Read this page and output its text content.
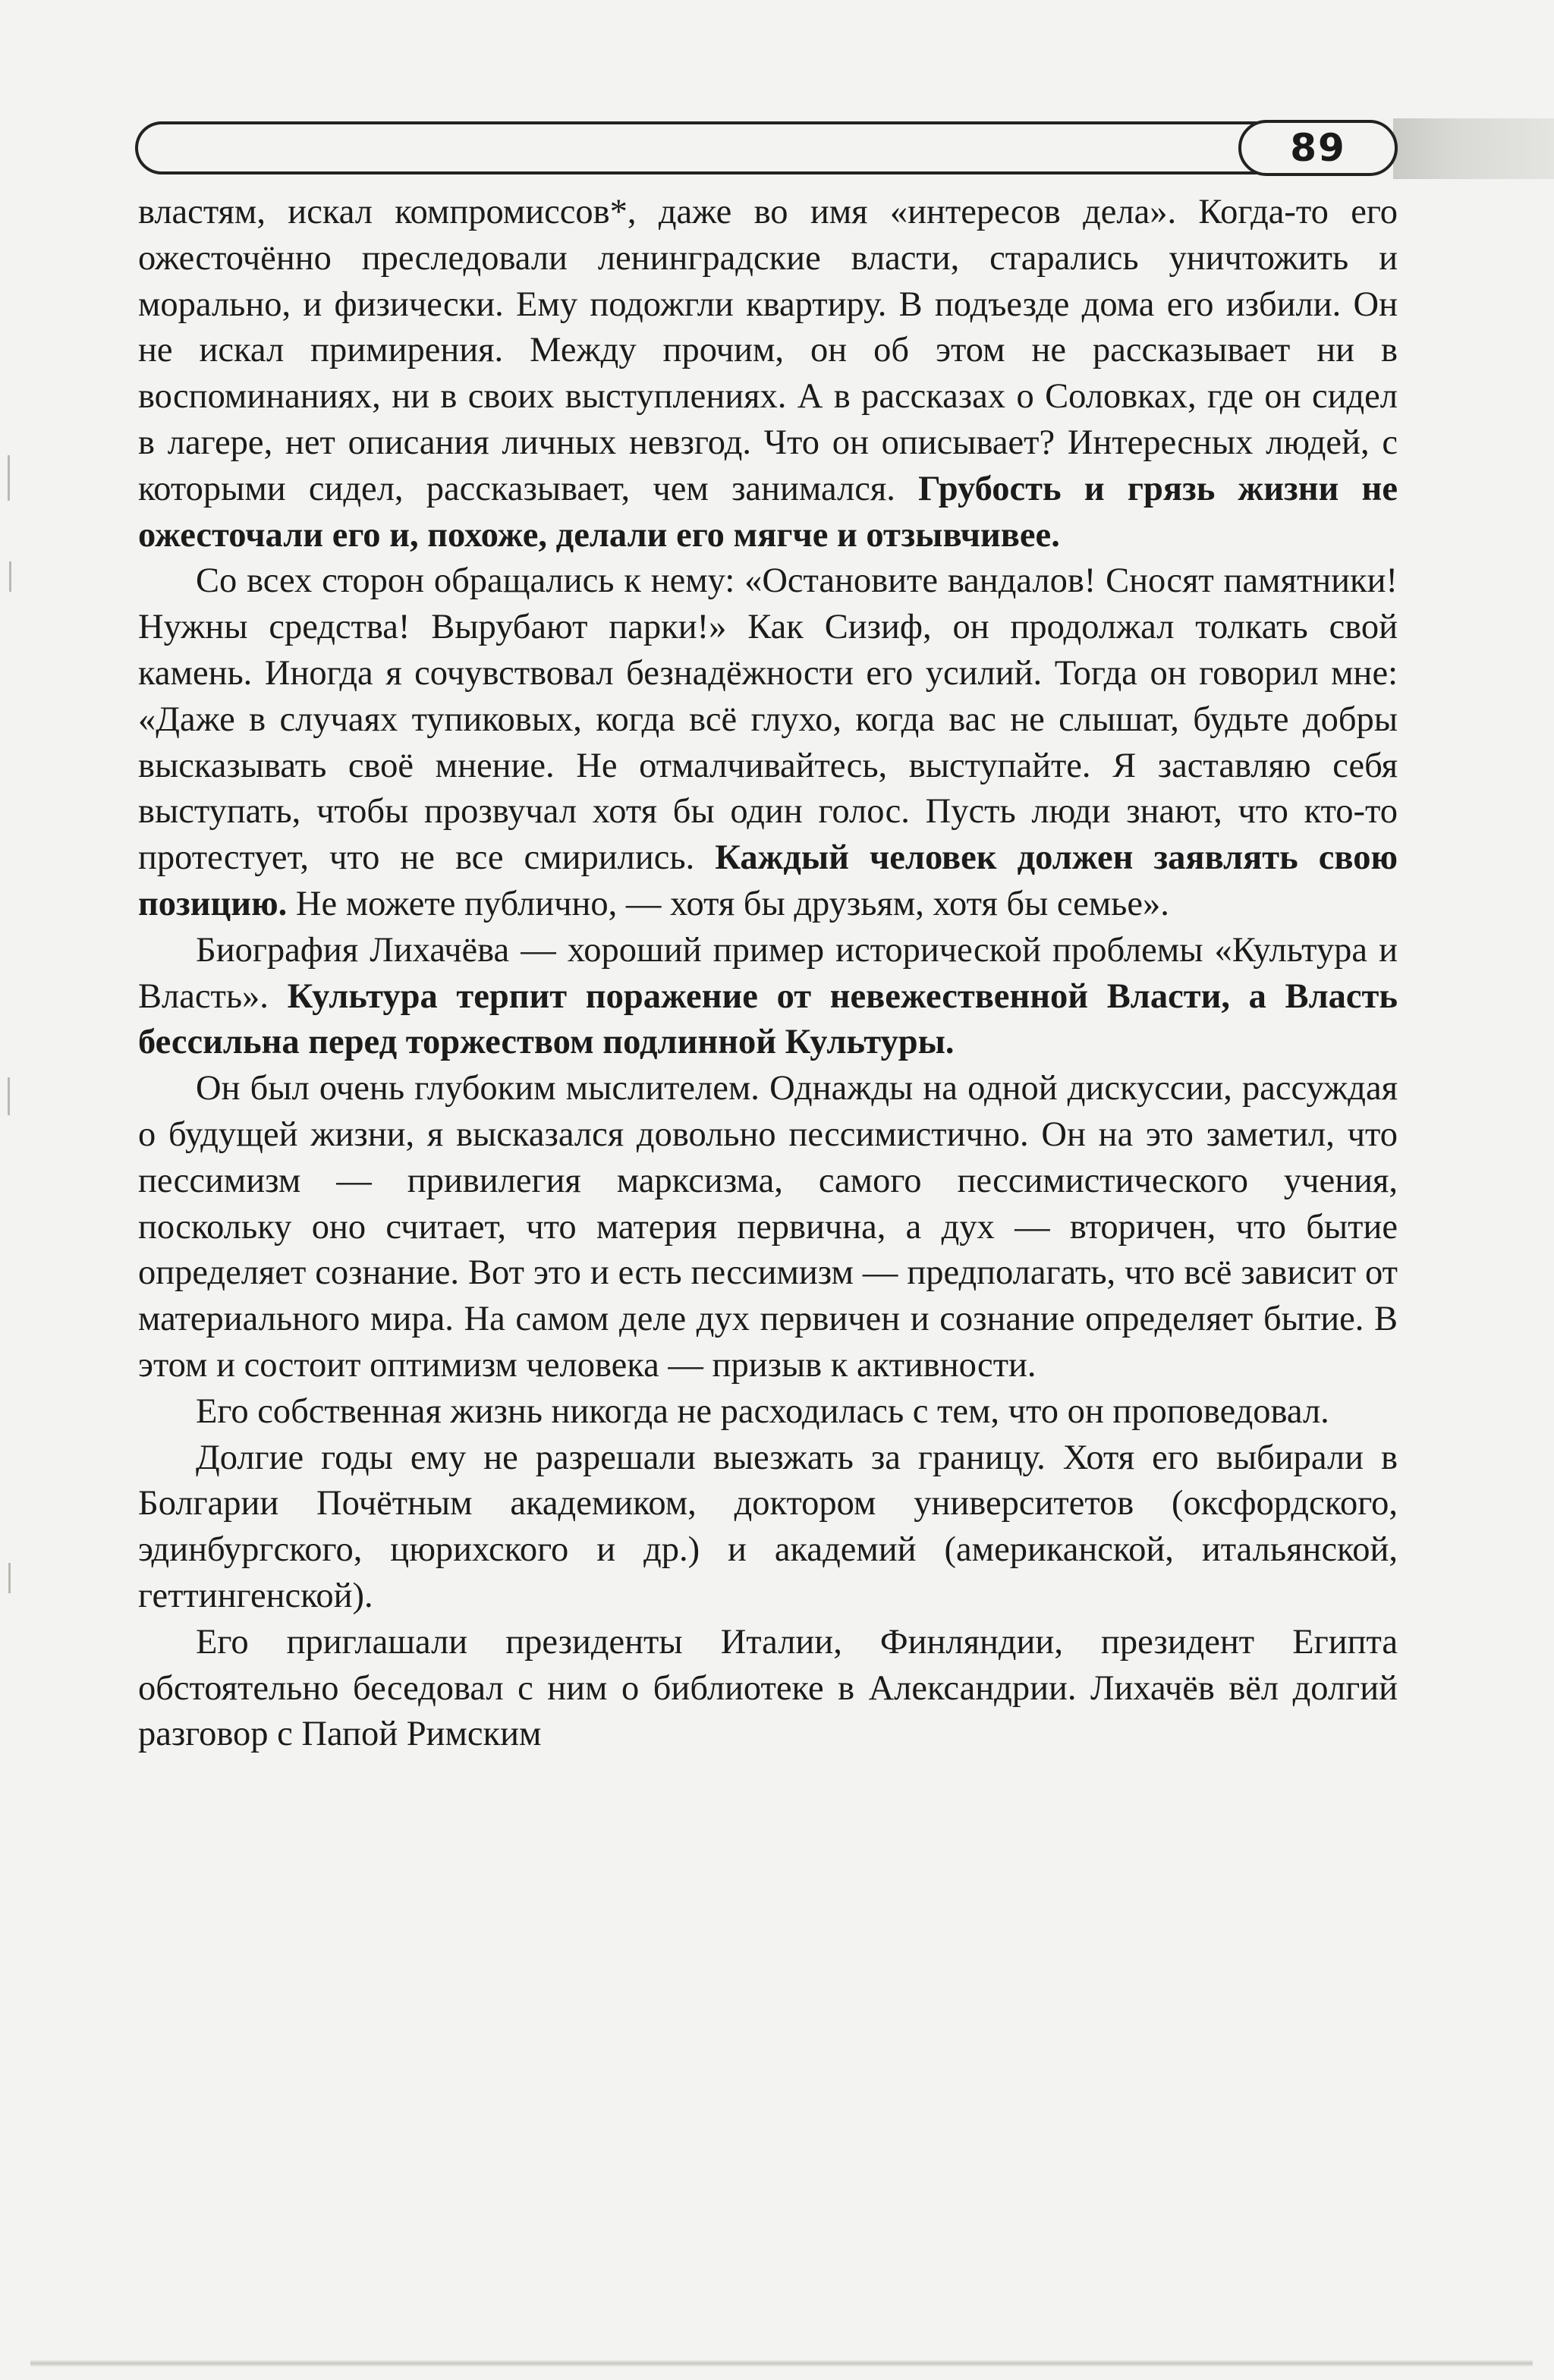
89

властям, искал компромиссов*, даже во имя «интересов дела». Когда-то его ожесточённо преследовали ленинградские власти, старались уничтожить и морально, и физически. Ему подожгли квартиру. В подъезде дома его избили. Он не искал примирения. Между прочим, он об этом не рассказывает ни в воспоминаниях, ни в своих выступлениях. А в рассказах о Соловках, где он сидел в лагере, нет описания личных невзгод. Что он описывает? Интересных людей, с которыми сидел, рассказывает, чем занимался. Грубость и грязь жизни не ожесточали его и, похоже, делали его мягче и отзывчивее.

Со всех сторон обращались к нему: «Остановите вандалов! Сносят памятники! Нужны средства! Вырубают парки!» Как Сизиф, он продолжал толкать свой камень. Иногда я сочувствовал безнадёжности его усилий. Тогда он говорил мне: «Даже в случаях тупиковых, когда всё глухо, когда вас не слышат, будьте добры высказывать своё мнение. Не отмалчивайтесь, выступайте. Я заставляю себя выступать, чтобы прозвучал хотя бы один голос. Пусть люди знают, что кто-то протестует, что не все смирились. Каждый человек должен заявлять свою позицию. Не можете публично, — хотя бы друзьям, хотя бы семье».

Биография Лихачёва — хороший пример исторической проблемы «Культура и Власть». Культура терпит поражение от невежественной Власти, а Власть бессильна перед торжеством подлинной Культуры.

Он был очень глубоким мыслителем. Однажды на одной дискуссии, рассуждая о будущей жизни, я высказался довольно пессимистично. Он на это заметил, что пессимизм — привилегия марксизма, самого пессимистического учения, поскольку оно считает, что материя первична, а дух — вторичен, что бытие определяет сознание. Вот это и есть пессимизм — предполагать, что всё зависит от материального мира. На самом деле дух первичен и сознание определяет бытие. В этом и состоит оптимизм человека — призыв к активности.

Его собственная жизнь никогда не расходилась с тем, что он проповедовал.

Долгие годы ему не разрешали выезжать за границу. Хотя его выбирали в Болгарии Почётным академиком, доктором университетов (оксфордского, эдинбургского, цюрихского и др.) и академий (американской, итальянской, геттингенской).

Его приглашали президенты Италии, Финляндии, президент Египта обстоятельно беседовал с ним о библиотеке в Александрии. Лихачёв вёл долгий разговор с Папой Римским
